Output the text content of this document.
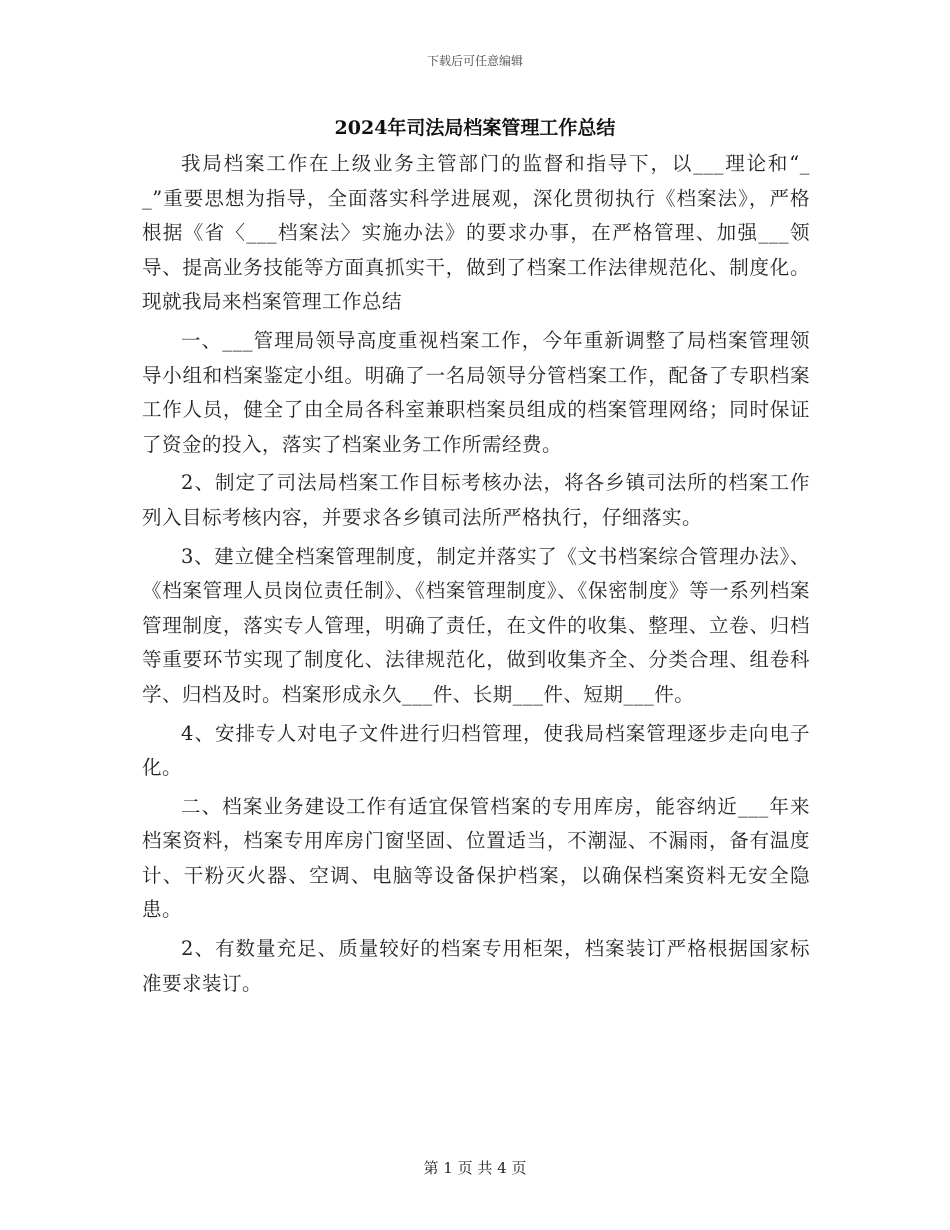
下载后可任意编辑
2024年司法局档案管理工作总结

我局档案工作在上级业务主管部门的监督和指导下，以___理论和“__”重要思想为指导，全面落实科学进展观，深化贯彻执行《档案法》，严格根据《省〈___档案法〉实施办法》的要求办事，在严格管理、加强___领导、提高业务技能等方面真抓实干，做到了档案工作法律规范化、制度化。现就我局来档案管理工作总结

一、___管理局领导高度重视档案工作，今年重新调整了局档案管理领导小组和档案鉴定小组。明确了一名局领导分管档案工作，配备了专职档案工作人员，健全了由全局各科室兼职档案员组成的档案管理网络；同时保证了资金的投入，落实了档案业务工作所需经费。

2、制定了司法局档案工作目标考核办法，将各乡镇司法所的档案工作列入目标考核内容，并要求各乡镇司法所严格执行，仔细落实。

3、建立健全档案管理制度，制定并落实了《文书档案综合管理办法》、《档案管理人员岗位责任制》、《档案管理制度》、《保密制度》等一系列档案管理制度，落实专人管理，明确了责任，在文件的收集、整理、立卷、归档等重要环节实现了制度化、法律规范化，做到收集齐全、分类合理、组卷科学、归档及时。档案形成永久___件、长期___件、短期___件。

4、安排专人对电子文件进行归档管理，使我局档案管理逐步走向电子化。

二、档案业务建设工作有适宜保管档案的专用库房，能容纳近___年来档案资料，档案专用库房门窗坚固、位置适当，不潮湿、不漏雨，备有温度计、干粉灭火器、空调、电脑等设备保护档案，以确保档案资料无安全隐患。

2、有数量充足、质量较好的档案专用柜架，档案装订严格根据国家标准要求装订。

第 1 页 共 4 页
